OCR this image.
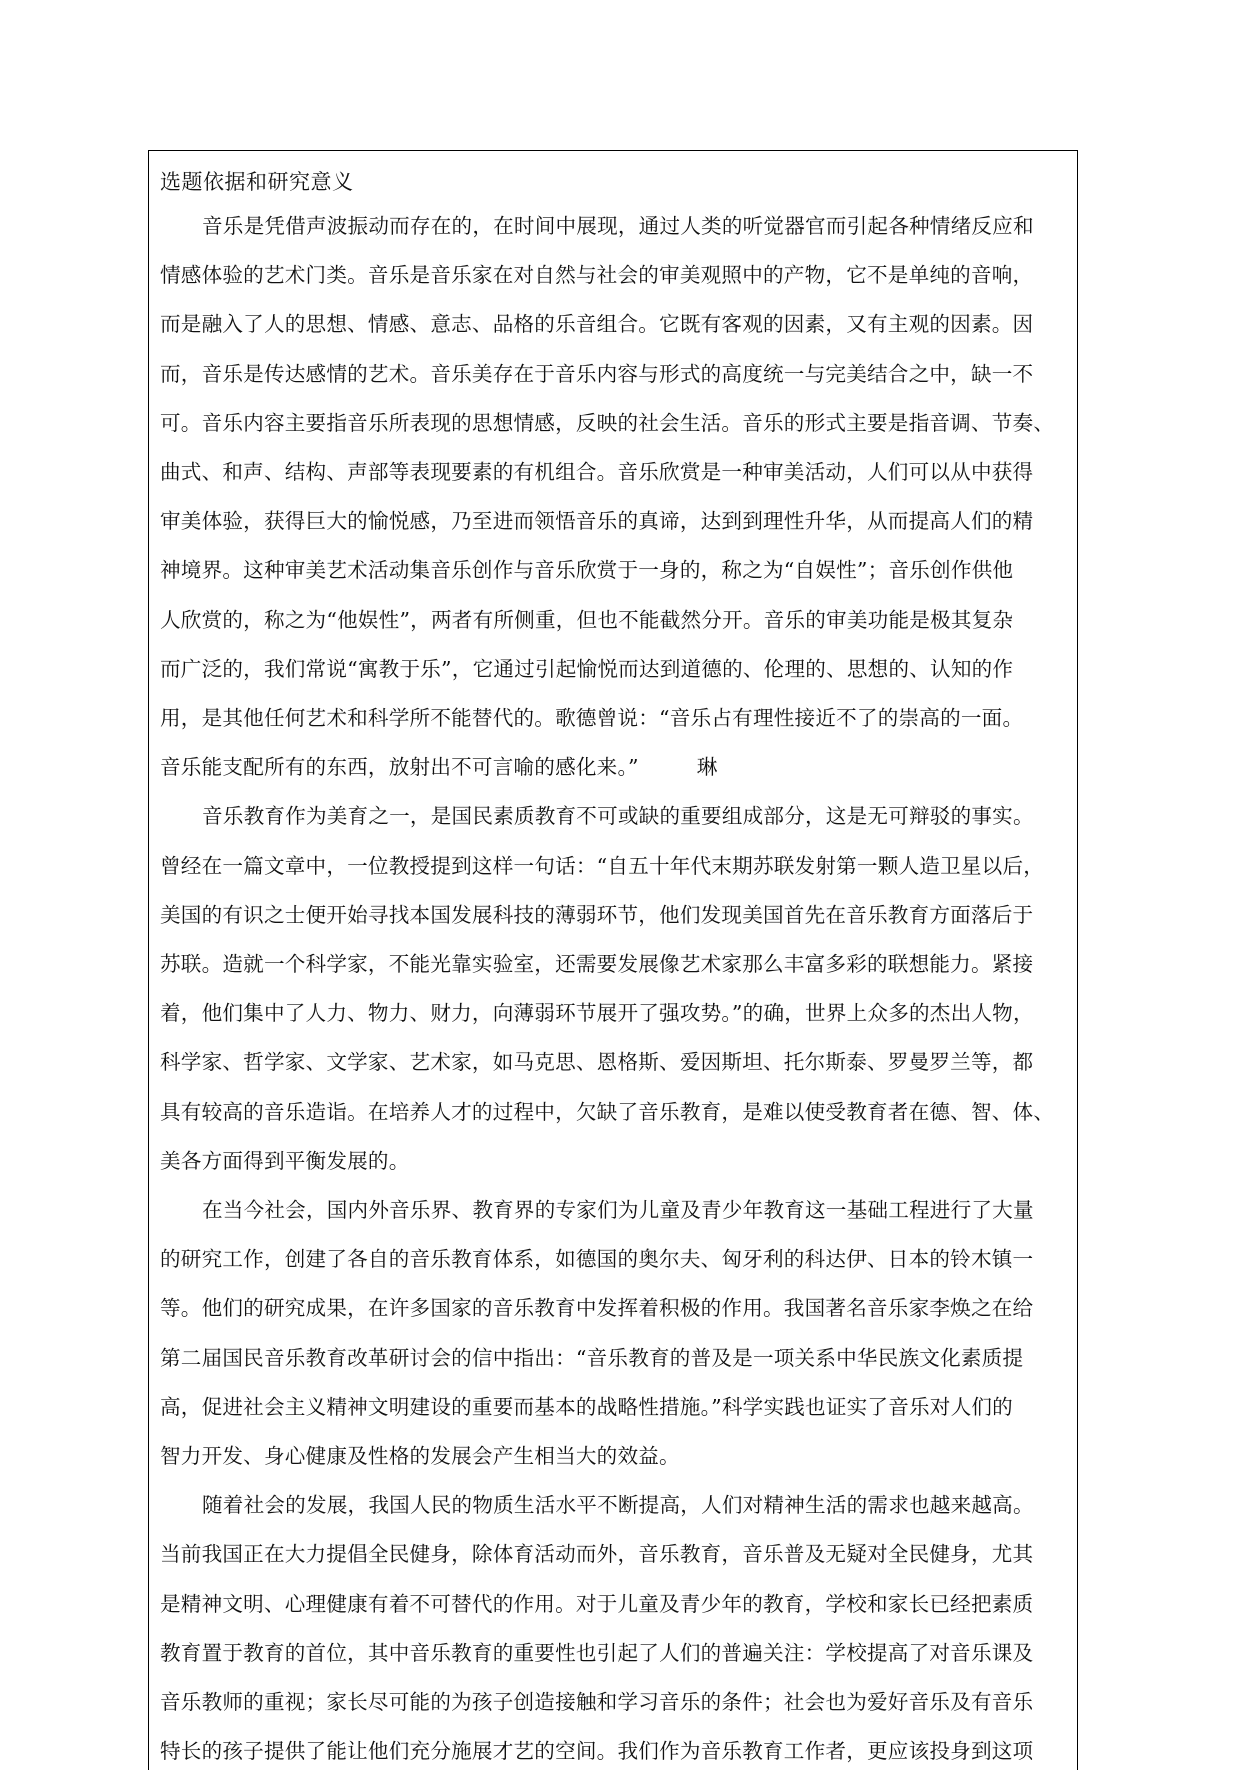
选题依据和研究意义
音乐是凭借声波振动而存在的，在时间中展现，通过人类的听觉器官而引起各种情绪反应和
情感体验的艺术门类。音乐是音乐家在对自然与社会的审美观照中的产物，它不是单纯的音响，
而是融入了人的思想、情感、意志、品格的乐音组合。它既有客观的因素，又有主观的因素。因
而，音乐是传达感情的艺术。音乐美存在于音乐内容与形式的高度统一与完美结合之中，缺一不
可。音乐内容主要指音乐所表现的思想情感，反映的社会生活。音乐的形式主要是指音调、节奏、
曲式、和声、结构、声部等表现要素的有机组合。音乐欣赏是一种审美活动，人们可以从中获得
审美体验，获得巨大的愉悦感，乃至进而领悟音乐的真谛，达到到理性升华，从而提高人们的精
神境界。这种审美艺术活动集音乐创作与音乐欣赏于一身的，称之为“自娱性”；音乐创作供他
人欣赏的，称之为“他娱性”，两者有所侧重，但也不能截然分开。音乐的审美功能是极其复杂
而广泛的，我们常说“寓教于乐”，它通过引起愉悦而达到道德的、伦理的、思想的、认知的作
用，是其他任何艺术和科学所不能替代的。歌德曾说：“音乐占有理性接近不了的崇高的一面。
音乐能支配所有的东西，放射出不可言喻的感化来。”	琳
音乐教育作为美育之一，是国民素质教育不可或缺的重要组成部分，这是无可辩驳的事实。
曾经在一篇文章中，一位教授提到这样一句话：“自五十年代末期苏联发射第一颗人造卫星以后，
美国的有识之士便开始寻找本国发展科技的薄弱环节，他们发现美国首先在音乐教育方面落后于
苏联。造就一个科学家，不能光靠实验室，还需要发展像艺术家那么丰富多彩的联想能力。紧接
着，他们集中了人力、物力、财力，向薄弱环节展开了强攻势。”的确，世界上众多的杰出人物，
科学家、哲学家、文学家、艺术家，如马克思、恩格斯、爱因斯坦、托尔斯泰、罗曼罗兰等，都
具有较高的音乐造诣。在培养人才的过程中，欠缺了音乐教育，是难以使受教育者在德、智、体、
美各方面得到平衡发展的。
在当今社会，国内外音乐界、教育界的专家们为儿童及青少年教育这一基础工程进行了大量
的研究工作，创建了各自的音乐教育体系，如德国的奥尔夫、匈牙利的科达伊、日本的铃木镇一
等。他们的研究成果，在许多国家的音乐教育中发挥着积极的作用。我国著名音乐家李焕之在给
第二届国民音乐教育改革研讨会的信中指出：“音乐教育的普及是一项关系中华民族文化素质提
高，促进社会主义精神文明建设的重要而基本的战略性措施。”科学实践也证实了音乐对人们的
智力开发、身心健康及性格的发展会产生相当大的效益。
随着社会的发展，我国人民的物质生活水平不断提高，人们对精神生活的需求也越来越高。
当前我国正在大力提倡全民健身，除体育活动而外，音乐教育，音乐普及无疑对全民健身，尤其
是精神文明、心理健康有着不可替代的作用。对于儿童及青少年的教育，学校和家长已经把素质
教育置于教育的首位，其中音乐教育的重要性也引起了人们的普遍关注：学校提高了对音乐课及
音乐教师的重视；家长尽可能的为孩子创造接触和学习音乐的条件；社会也为爱好音乐及有音乐
特长的孩子提供了能让他们充分施展才艺的空间。我们作为音乐教育工作者，更应该投身到这项
